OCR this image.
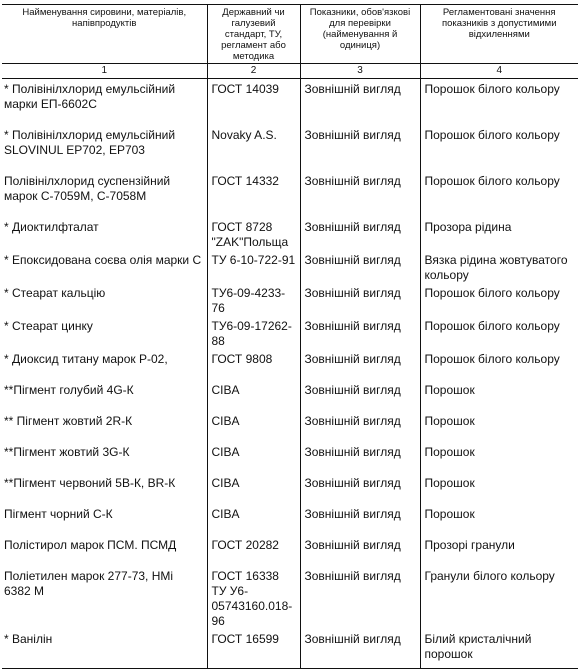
Найменування сировини, матеріалів, напівпродуктів	Державний чи галузевий стандарт, ТУ, регламент або методика	Показники, обов'язкові для перевірки (найменування й одиниця)	Регламентовані значення показників з допустимими відхиленнями
1	2	3	4

* Полівінілхлорид емульсійний марки ЕП-6602С	ГОСТ 14039	Зовнішній вигляд	Порошок білого кольору

* Полівінілхлорид емульсійний SLOVINUL EP702, EP703	Novaky A.S.	Зовнішній вигляд	Порошок білого кольору

Полівінілхлорид суспензійний марок С-7059М, С-7058М	ГОСТ 14332	Зовнішній вигляд	Порошок білого кольору

* Диоктилфталат	ГОСТ 8728 "ZAK"Польща	Зовнішній вигляд	Прозора рідина

* Епоксидована соєва олія марки С	ТУ 6-10-722-91	Зовнішній вигляд	Вязка рідина жовтуватого кольору

* Стеарат кальцію	ТУ6-09-4233-76	Зовнішній вигляд	Порошок білого кольору

* Стеарат цинку	ТУ6-09-17262-88	Зовнішній вигляд	Порошок білого кольору

* Диоксид титану марок Р-02,	ГОСТ 9808	Зовнішній вигляд	Порошок білого кольору

**Пігмент голубий 4G-К	CIBA	Зовнішній вигляд	Порошок

** Пігмент жовтий 2R-К	CIBA	Зовнішній вигляд	Порошок

**Пігмент жовтий 3G-К	CIBA	Зовнішній вигляд	Порошок

**Пігмент червоний 5В-К, BR-К	CIBA	Зовнішній вигляд	Порошок

Пігмент чорний С-К	CIBA	Зовнішній вигляд	Порошок

Полістирол марок ПСМ. ПСМД	ГОСТ 20282	Зовнішній вигляд	Прозорі гранули

Поліетилен марок 277-73, НМі 6382 М	ГОСТ 16338 ТУ У6-05743160.018-96	Зовнішній вигляд	Гранули білого кольору

* Ванілін	ГОСТ 16599	Зовнішній вигляд	Білий кристалічний порошок
